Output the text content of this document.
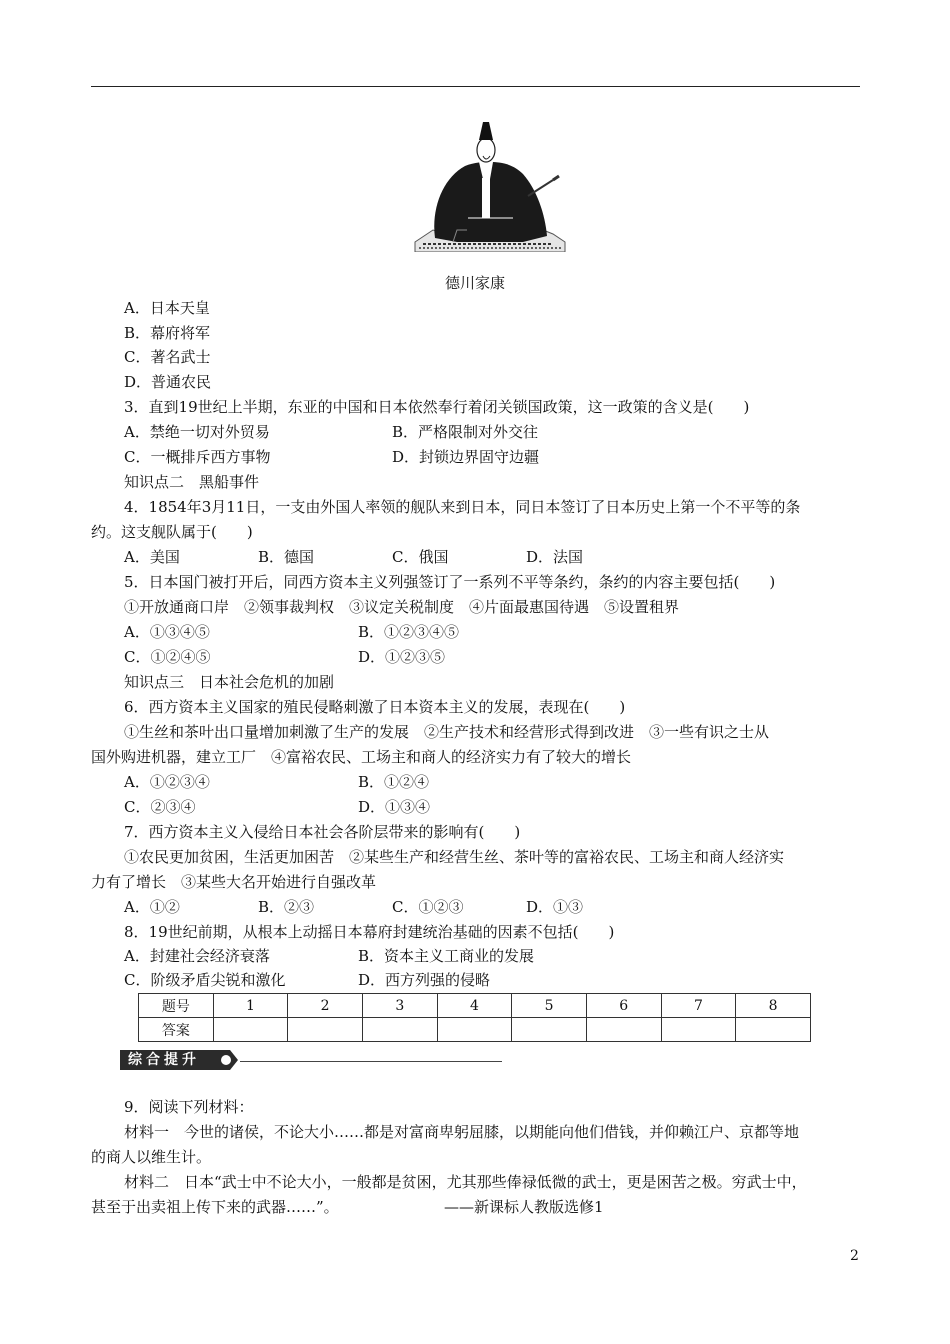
德川家康
A．日本天皇
B．幕府将军
C．著名武士
D．普通农民
3．直到19世纪上半期，东亚的中国和日本依然奉行着闭关锁国政策，这一政策的含义是(　　)
A．禁绝一切对外贸易	B．严格限制对外交往
C．一概排斥西方事物	D．封锁边界固守边疆
知识点二　黑船事件
4．1854年3月11日，一支由外国人率领的舰队来到日本，同日本签订了日本历史上第一个不平等的条
约。这支舰队属于(　　)
A．美国	B．德国	C．俄国	D．法国
5．日本国门被打开后，同西方资本主义列强签订了一系列不平等条约，条约的内容主要包括(　　)
①开放通商口岸　②领事裁判权　③议定关税制度　④片面最惠国待遇　⑤设置租界
A．①③④⑤	B．①②③④⑤
C．①②④⑤	D．①②③⑤
知识点三　日本社会危机的加剧
6．西方资本主义国家的殖民侵略刺激了日本资本主义的发展，表现在(　　)
①生丝和茶叶出口量增加刺激了生产的发展　②生产技术和经营形式得到改进　③一些有识之士从
国外购进机器，建立工厂　④富裕农民、工场主和商人的经济实力有了较大的增长
A．①②③④	B．①②④
C．②③④	D．①③④
7．西方资本主义入侵给日本社会各阶层带来的影响有(　　)
①农民更加贫困，生活更加困苦　②某些生产和经营生丝、茶叶等的富裕农民、工场主和商人经济实
力有了增长　③某些大名开始进行自强改革
A．①②	B．②③	C．①②③	D．①③
8．19世纪前期，从根本上动摇日本幕府封建统治基础的因素不包括(　　)
A．封建社会经济衰落	B．资本主义工商业的发展
C．阶级矛盾尖锐和激化	D．西方列强的侵略
题号	1	2	3	4	5	6	7	8
答案								
综合提升
9．阅读下列材料：
材料一　今世的诸侯，不论大小……都是对富商卑躬屈膝，以期能向他们借钱，并仰赖江户、京都等地
的商人以维生计。
材料二　日本“武士中不论大小，一般都是贫困，尤其那些俸禄低微的武士，更是困苦之极。穷武士中，
甚至于出卖祖上传下来的武器……”。	——新课标人教版选修1
2
